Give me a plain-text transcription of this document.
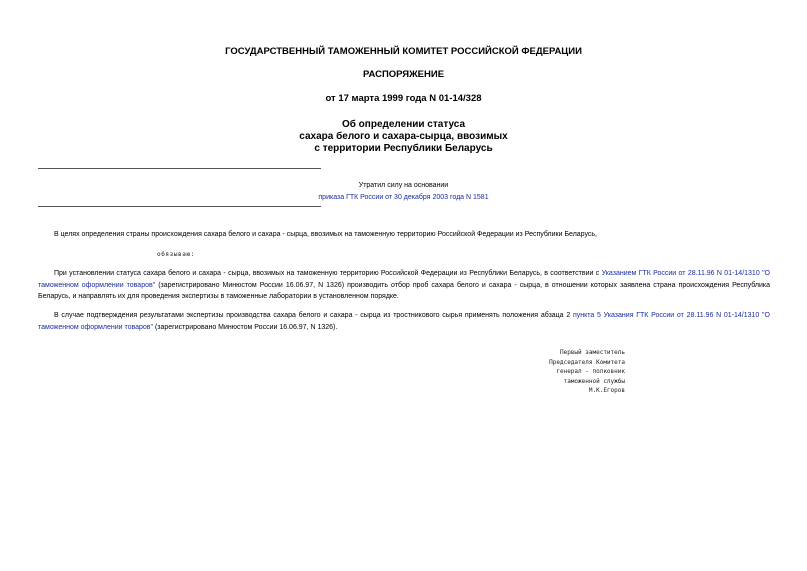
ГОСУДАРСТВЕННЫЙ ТАМОЖЕННЫЙ КОМИТЕТ РОССИЙСКОЙ ФЕДЕРАЦИИ
РАСПОРЯЖЕНИЕ
от 17 марта 1999 года N 01-14/328
Об определении статуса
сахара белого и сахара-сырца, ввозимых
с территории Республики Беларусь
Утратил силу на основании
приказа ГТК России от 30 декабря 2003 года N 1581
В целях определения страны происхождения сахара белого и сахара - сырца, ввозимых на таможенную территорию Российской Федерации из Республики Беларусь,
обязываю:
При установлении статуса сахара белого и сахара - сырца, ввозимых на таможенную территорию Российской Федерации из Республики Беларусь, в соответствии с Указанием ГТК России от 28.11.96 N 01-14/1310 "О таможенном оформлении товаров" (зарегистрировано Минюстом России 16.06.97, N 1326) производить отбор проб сахара белого и сахара - сырца, в отношении которых заявлена страна происхождения Республика Беларусь, и направлять их для проведения экспертизы в таможенные лаборатории в установленном порядке.
В случае подтверждения результатами экспертизы производства сахара белого и сахара - сырца из тростникового сырья применять положения абзаца 2 пункта 5 Указания ГТК России от 28.11.96 N 01-14/1310 "О таможенном оформлении товаров" (зарегистрировано Минюстом России 16.06.97, N 1326).
Первый заместитель
Председателя Комитета
генерал - полковник
таможенной службы
М.К.Егоров
